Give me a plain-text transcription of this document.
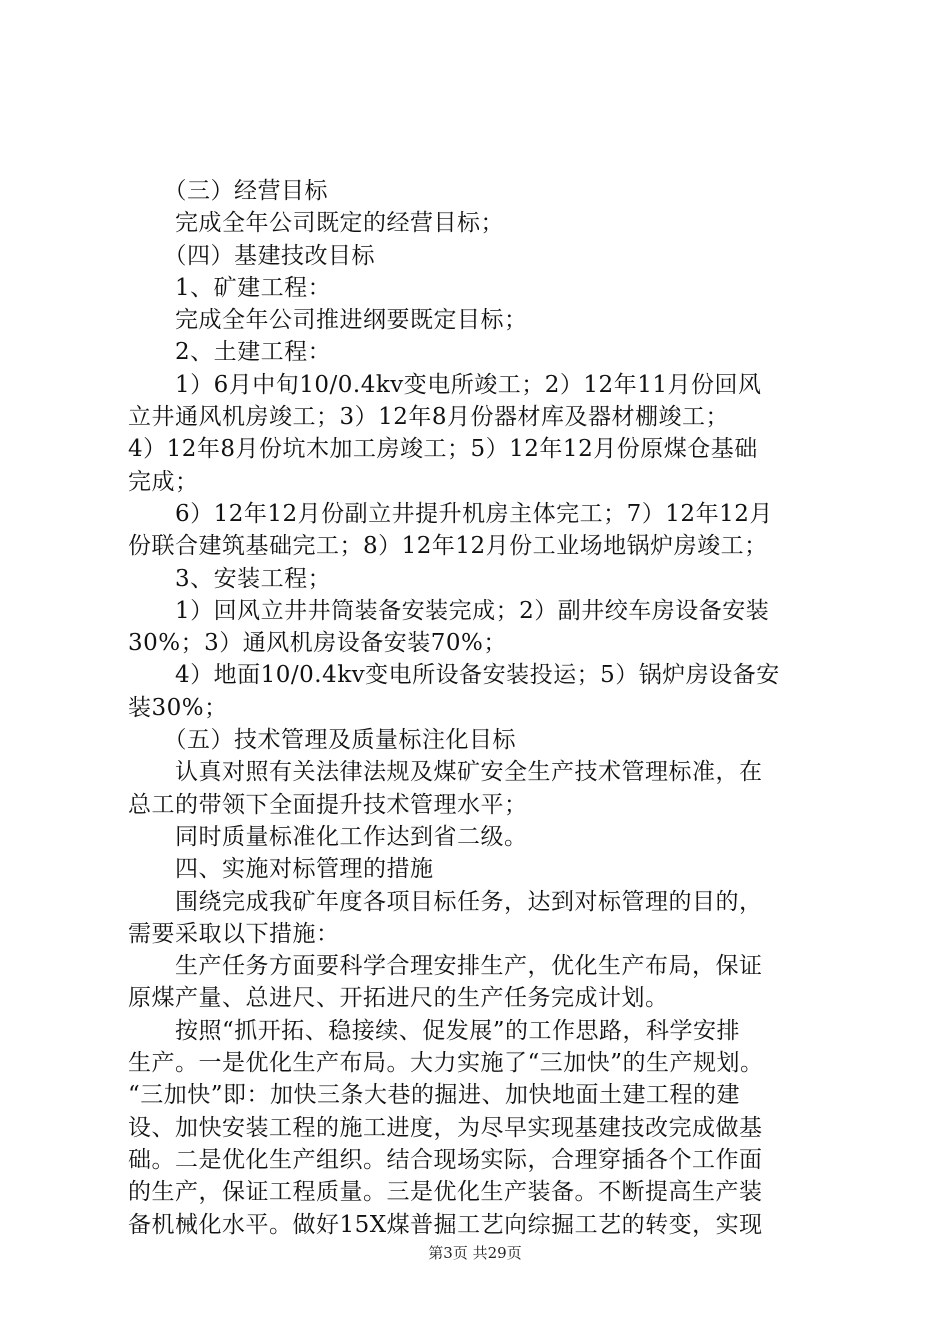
　　（三）经营目标

　　完成全年公司既定的经营目标；

　　（四）基建技改目标

　　1、矿建工程：

　　完成全年公司推进纲要既定目标；

　　2、土建工程：

　　1）6月中旬10/0.4kv变电所竣工；2）12年11月份回风

立井通风机房竣工；3）12年8月份器材库及器材棚竣工；

4）12年8月份坑木加工房竣工；5）12年12月份原煤仓基础

完成；

　　6）12年12月份副立井提升机房主体完工；7）12年12月

份联合建筑基础完工；8）12年12月份工业场地锅炉房竣工；

　　3、安装工程；

　　1）回风立井井筒装备安装完成；2）副井绞车房设备安装

30%；3）通风机房设备安装70%；

　　4）地面10/0.4kv变电所设备安装投运；5）锅炉房设备安

装30%；

　　（五）技术管理及质量标注化目标

　　认真对照有关法律法规及煤矿安全生产技术管理标准，在

总工的带领下全面提升技术管理水平；

　　同时质量标准化工作达到省二级。

　　四、实施对标管理的措施

　　围绕完成我矿年度各项目标任务，达到对标管理的目的，

需要采取以下措施：

　　生产任务方面要科学合理安排生产，优化生产布局，保证

原煤产量、总进尺、开拓进尺的生产任务完成计划。

　　按照“抓开拓、稳接续、促发展”的工作思路，科学安排

生产。一是优化生产布局。大力实施了“三加快”的生产规划。

“三加快”即：加快三条大巷的掘进、加快地面土建工程的建

设、加快安装工程的施工进度，为尽早实现基建技改完成做基

础。二是优化生产组织。结合现场实际，合理穿插各个工作面

的生产，保证工程质量。三是优化生产装备。不断提高生产装

备机械化水平。做好15X煤普掘工艺向综掘工艺的转变，实现

第3页 共29页
